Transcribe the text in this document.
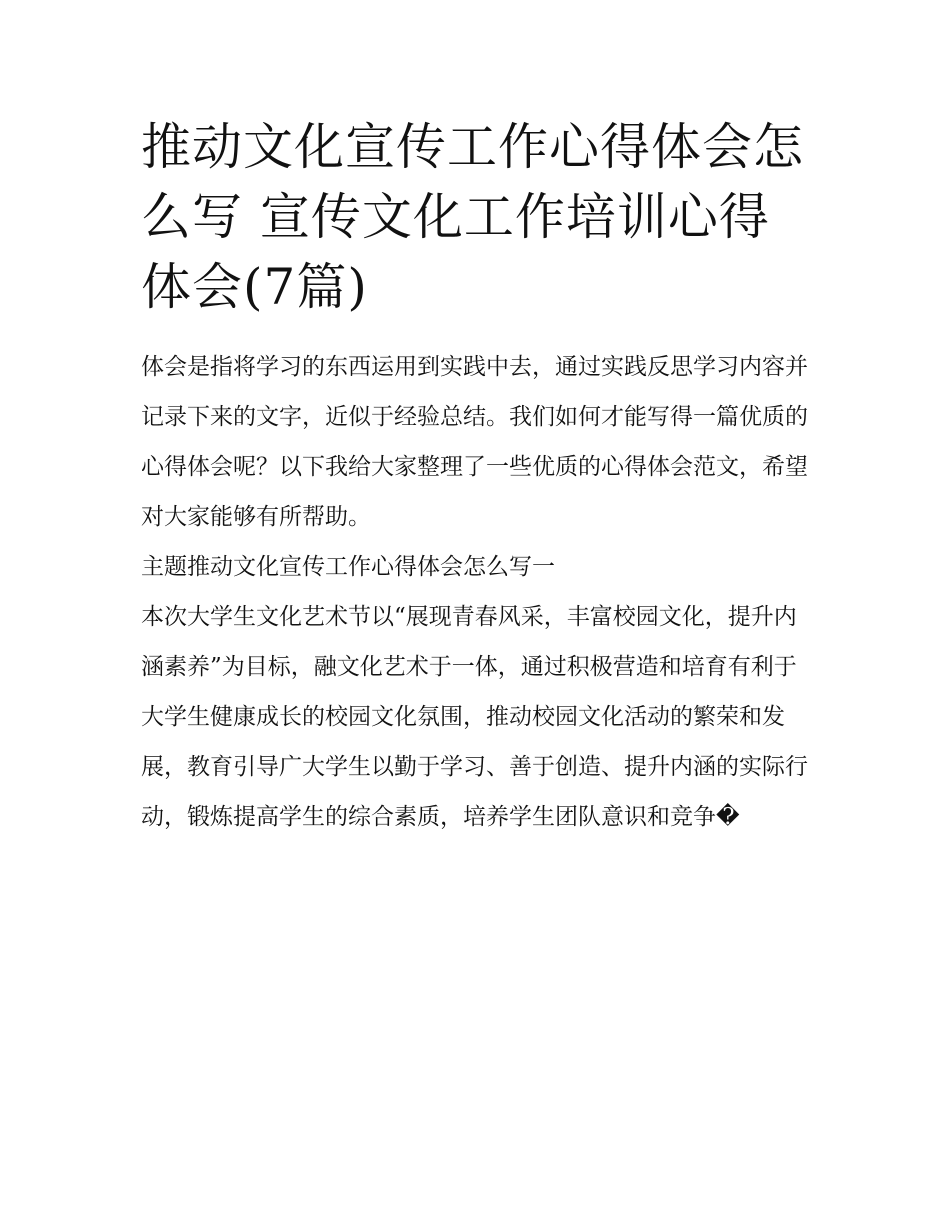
推动文化宣传工作心得体会怎么写 宣传文化工作培训心得体会(7篇)

体会是指将学习的东西运用到实践中去，通过实践反思学习内容并记录下来的文字，近似于经验总结。我们如何才能写得一篇优质的心得体会呢？以下我给大家整理了一些优质的心得体会范文，希望对大家能够有所帮助。

主题推动文化宣传工作心得体会怎么写一

本次大学生文化艺术节以“展现青春风采，丰富校园文化，提升内涵素养”为目标，融文化艺术于一体，通过积极营造和培育有利于大学生健康成长的校园文化氛围，推动校园文化活动的繁荣和发展，教育引导广大学生以勤于学习、善于创造、提升内涵的实际行动，锻炼提高学生的综合素质，培养学生团队意识和竞争�
